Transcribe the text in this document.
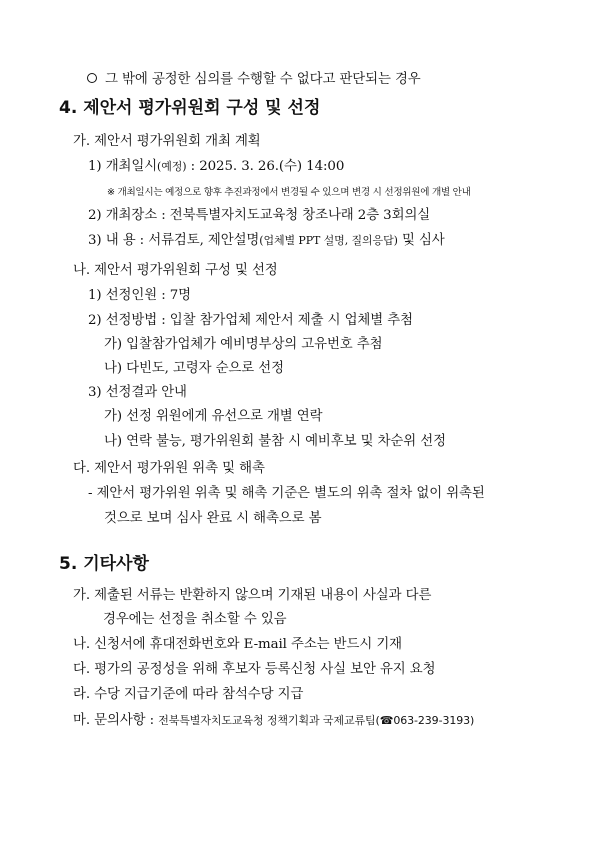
그 밖에 공정한 심의를 수행할 수 없다고 판단되는 경우
4. 제안서 평가위원회 구성 및 선정
가. 제안서 평가위원회 개최 계획
1) 개최일시(예정) : 2025. 3. 26.(수) 14:00
※ 개최일시는 예정으로 향후 추진과정에서 변경될 수 있으며 변경 시 선정위원에 개별 안내
2) 개최장소 : 전북특별자치도교육청 창조나래 2층 3회의실
3) 내 용 : 서류검토, 제안설명(업체별 PPT 설명, 질의응답) 및 심사
나. 제안서 평가위원회 구성 및 선정
1) 선정인원 : 7명
2) 선정방법 : 입찰 참가업체 제안서 제출 시 업체별 추첨
가) 입찰참가업체가 예비명부상의 고유번호 추첨
나) 다빈도, 고령자 순으로 선정
3) 선정결과 안내
가) 선정 위원에게 유선으로 개별 연락
나) 연락 불능, 평가위원회 불참 시 예비후보 및 차순위 선정
다. 제안서 평가위원 위촉 및 해촉
- 제안서 평가위원 위촉 및 해촉 기준은 별도의 위촉 절차 없이 위촉된
것으로 보며 심사 완료 시 해촉으로 봄
5. 기타사항
가. 제출된 서류는 반환하지 않으며 기재된 내용이 사실과 다른
경우에는 선정을 취소할 수 있음
나. 신청서에 휴대전화번호와 E-mail 주소는 반드시 기재
다. 평가의 공정성을 위해 후보자 등록신청 사실 보안 유지 요청
라. 수당 지급기준에 따라 참석수당 지급
마. 문의사항 : 전북특별자치도교육청 정책기획과 국제교류팀(☎063-239-3193)
